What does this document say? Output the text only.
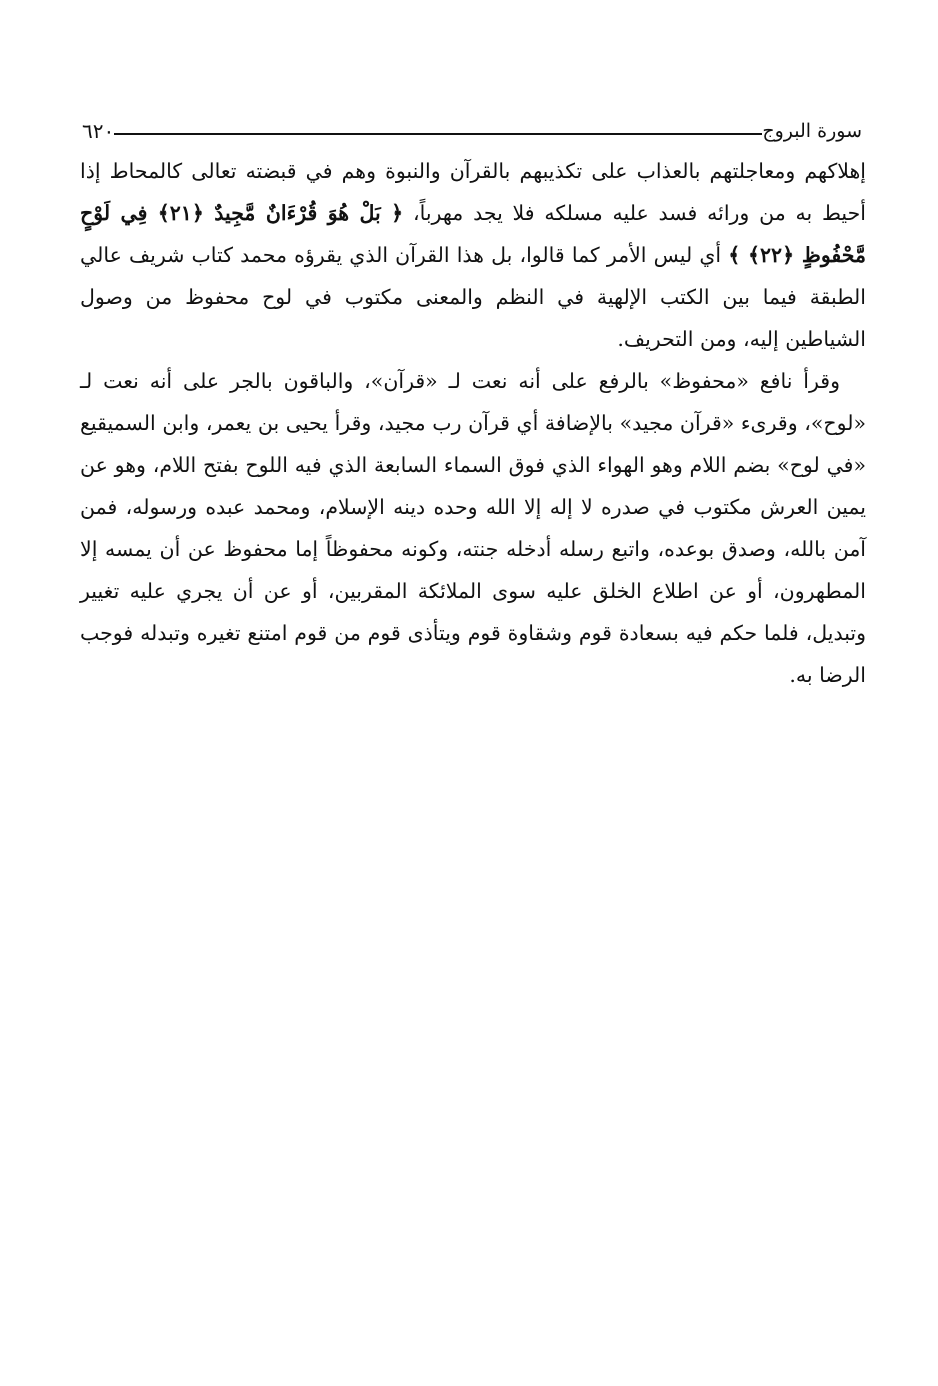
سورة البروج
٦٢٠

إهلاكهم ومعاجلتهم بالعذاب على تكذيبهم بالقرآن والنبوة وهم في قبضته تعالى كالمحاط إذا أحيط به من ورائه فسد عليه مسلكه فلا يجد مهرباً، ﴿ بَلْ هُوَ قُرْءَانٌ مَّجِيدٌ ﴿٢١﴾ فِي لَوْحٍ مَّحْفُوظٍ ﴿٢٢﴾ ﴾ أي ليس الأمر كما قالوا، بل هذا القرآن الذي يقرؤه محمد كتاب شريف عالي الطبقة فيما بين الكتب الإلهية في النظم والمعنى مكتوب في لوح محفوظ من وصول الشياطين إليه، ومن التحريف.

وقرأ نافع «محفوظ» بالرفع على أنه نعت لـ «قرآن»، والباقون بالجر على أنه نعت لـ «لوح»، وقرىء «قرآن مجيد» بالإضافة أي قرآن رب مجيد، وقرأ يحيى بن يعمر، وابن السميقيع «في لوح» بضم اللام وهو الهواء الذي فوق السماء السابعة الذي فيه اللوح بفتح اللام، وهو عن يمين العرش مكتوب في صدره لا إله إلا الله وحده دينه الإسلام، ومحمد عبده ورسوله، فمن آمن بالله، وصدق بوعده، واتبع رسله أدخله جنته، وكونه محفوظاً إما محفوظ عن أن يمسه إلا المطهرون، أو عن اطلاع الخلق عليه سوى الملائكة المقربين، أو عن أن يجري عليه تغيير وتبديل، فلما حكم فيه بسعادة قوم وشقاوة قوم ويتأذى قوم من قوم امتنع تغيره وتبدله فوجب الرضا به.
